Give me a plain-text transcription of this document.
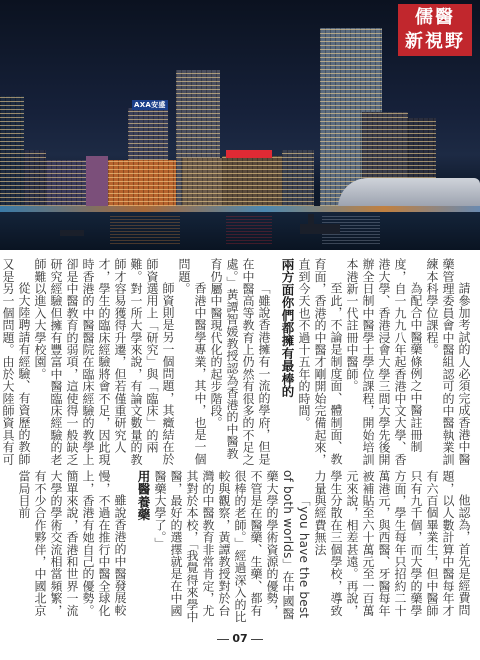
AXA安盛
儒醫
新視野

請參加考試的人必須完成香港中醫藥管理委員會中醫組認可的中醫執業訓練本科學位課程。

為配合中醫藥條例之中醫註冊制度，自一九九八年起香港中文大學、香港大學、香港浸會大學三間大學先後開辦全日制中醫學士學位課程，開始培訓本港新一代註冊中醫師。

至此，不論是制度面、體制面、教育面，香港的中醫才剛開始完備起來，直到今天也不過十五年的時間。

兩方面你們都擁有最棒的

「雖說香港擁有一流的學府，但是在中醫高等教育上仍然有很多的不足之處。」黃譚智媛教授認為香港的中醫教育仍屬中醫現代化的起步階段。

香港中醫學專業，其中，也是一個問題。

師資則是另一個問題，其癥結在於師資選用上「研究」與「臨床」的兩難。對一所大學來說，有論文數量的教師才容易獲得升遷，但若僅重研究人才，學生的臨床經驗將會不足，因此現時香港的中醫醫院在臨床經驗的教學上卻是中醫教育的弱項，這使得一般缺乏研究經驗但擁有豐富中醫臨床經驗的老師難以進入大學校園。

從大陸聘請有經驗、有資歷的教師又是另一個問題。由於大陸師資具有可

他認為，首先是經費問題，以人數計算中醫每年才有六百個畢業生，但中醫師只有九千個，而大學的藥學方面，學生每年只招約二十萬港元，與西醫、牙醫每年被補貼至六十萬元至一百萬元來說，相差甚遠。再說，學生分散在三個學校，導致力量與經費無法

「you have the best of both worlds」在中國醫藥大學的學術資源的優勢，不管是在醫藥、生藥、都有很棒的老師。」經過深入的比較與觀察，黃譚教授對於台灣的中醫教育非常肯定，尤其對於本校，「我覺得來學中醫，最好的選擇就是在中國醫藥大學了。」

用醫養藥

雖說香港的中醫發展較慢，不過在推行中醫全球化上，香港有她自己的優勢。簡單來說，香港和世界一流大學的學術交流相當頻繁，有不少合作夥伴，中國北京當局目前

07
